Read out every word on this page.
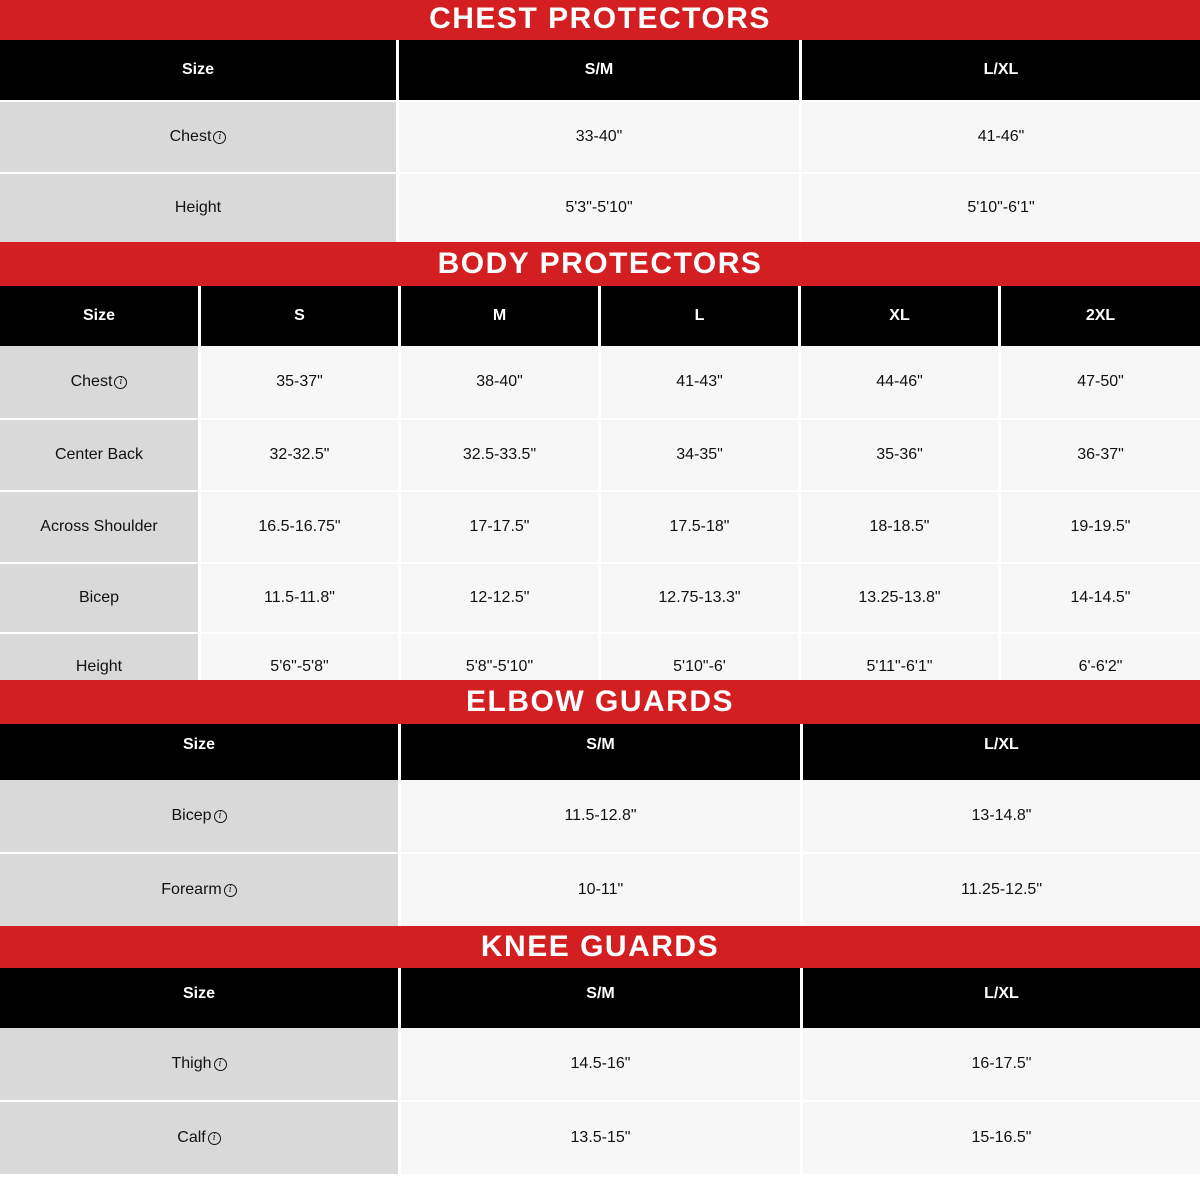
CHEST PROTECTORS
Size	S/M	L/XL
Chest i	33-40"	41-46"
Height	5'3"-5'10"	5'10"-6'1"
BODY PROTECTORS
Size	S	M	L	XL	2XL
Chest i	35-37"	38-40"	41-43"	44-46"	47-50"
Center Back	32-32.5"	32.5-33.5"	34-35"	35-36"	36-37"
Across Shoulder	16.5-16.75"	17-17.5"	17.5-18"	18-18.5"	19-19.5"
Bicep	11.5-11.8"	12-12.5"	12.75-13.3"	13.25-13.8"	14-14.5"
Height	5'6"-5'8"	5'8"-5'10"	5'10"-6'	5'11"-6'1"	6'-6'2"
ELBOW GUARDS
Size	S/M	L/XL
Bicep i	11.5-12.8"	13-14.8"
Forearm i	10-11"	11.25-12.5"
KNEE GUARDS
Size	S/M	L/XL
Thigh i	14.5-16"	16-17.5"
Calf i	13.5-15"	15-16.5"
